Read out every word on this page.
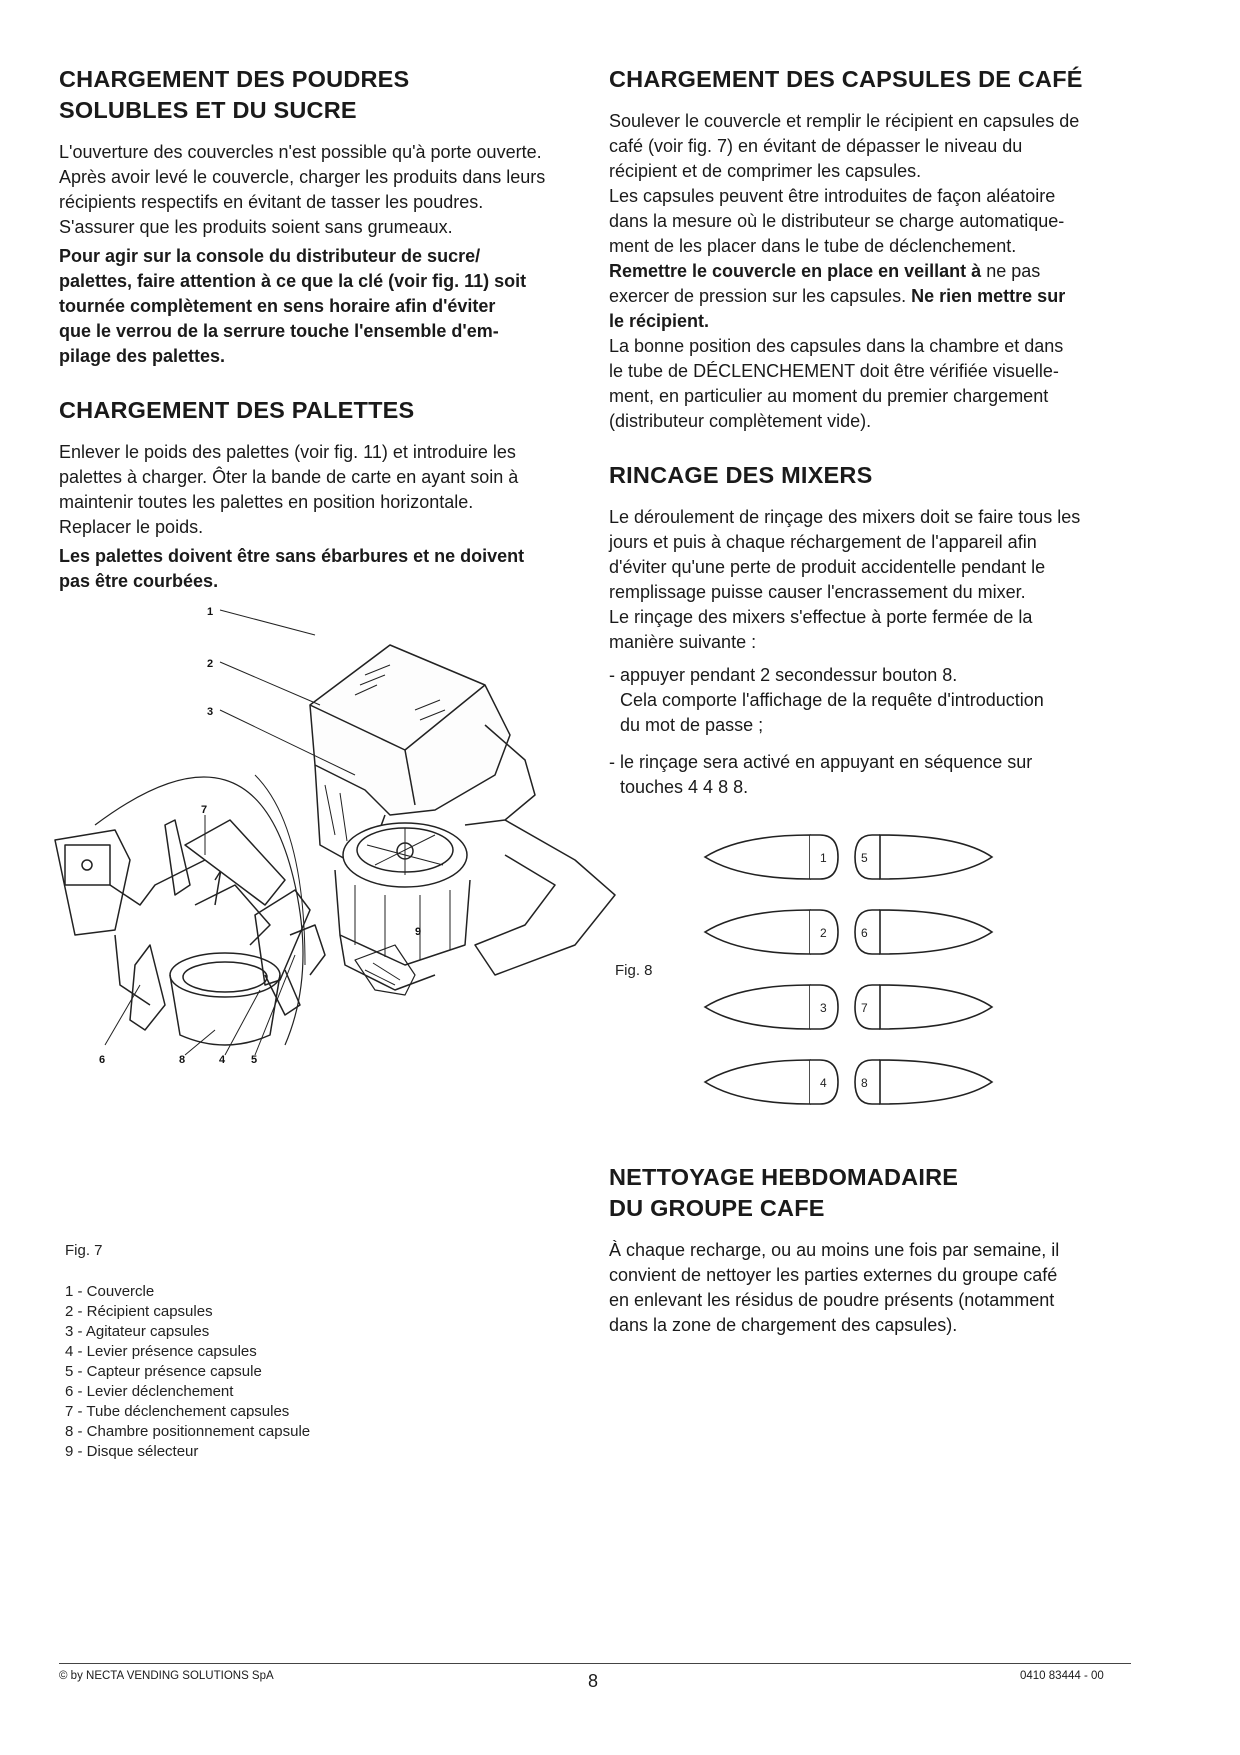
CHARGEMENT DES POUDRES
SOLUBLES ET DU SUCRE

L'ouverture des couvercles n'est possible qu'à porte ouverte.
Après avoir levé le couvercle, charger les produits dans leurs
récipients respectifs en évitant de tasser les poudres.
S'assurer que les produits soient sans grumeaux.

Pour agir sur la console du distributeur de sucre/
palettes, faire attention à ce que la clé (voir fig. 11) soit
tournée complètement en sens horaire afin d'éviter
que le verrou de la serrure touche l'ensemble d'em-
pilage des palettes.

CHARGEMENT DES PALETTES

Enlever le poids des palettes (voir fig. 11) et introduire les
palettes à charger. Ôter la bande de carte en ayant soin à
maintenir toutes les palettes en position horizontale.
Replacer le poids.

Les palettes doivent être sans ébarbures et ne doivent
pas être courbées.

1
2
3
7
9
6	8	4 5
Fig. 7

1 - Couvercle

2 - Récipient capsules

3 - Agitateur capsules

4 - Levier présence capsules

5 - Capteur présence capsule

6 - Levier déclenchement

7 - Tube déclenchement capsules

8 - Chambre positionnement capsule

9 - Disque sélecteur

CHARGEMENT DES CAPSULES DE CAFÉ

Soulever le couvercle et remplir le récipient en capsules de
café (voir fig. 7) en évitant de dépasser le niveau du
récipient et de comprimer les capsules.
Les capsules peuvent être introduites de façon aléatoire
dans la mesure où le distributeur se charge automatique-
ment de les placer dans le tube de déclenchement.
Remettre le couvercle en place en veillant à ne pas
exercer de pression sur les capsules. Ne rien mettre sur
le récipient.
La bonne position des capsules dans la chambre et dans
le tube de DÉCLENCHEMENT doit être vérifiée visuelle-
ment, en particulier au moment du premier chargement
(distributeur complètement vide).

RINCAGE DES MIXERS

Le déroulement de rinçage des mixers doit se faire tous les
jours et puis à chaque réchargement de l'appareil afin
d'éviter qu'une perte de produit accidentelle pendant le
remplissage puisse causer l'encrassement du mixer.
Le rinçage des mixers s'effectue à porte fermée de la
manière suivante :

- appuyer pendant 2 secondessur bouton 8.
Cela comporte l'affichage de la requête d'introduction
du mot de passe ;
- le rinçage sera activé en appuyant en séquence sur
touches 4 4 8 8.
1
2
3
4
5
6
7
8
Fig. 8
NETTOYAGE HEBDOMADAIRE
DU GROUPE CAFE

À chaque recharge, ou au moins une fois par semaine, il
convient de nettoyer les parties externes du groupe café
en enlevant les résidus de poudre présents (notamment
dans la zone de chargement des capsules).

© by NECTA VENDING SOLUTIONS SpA	8	0410 83444 - 00
